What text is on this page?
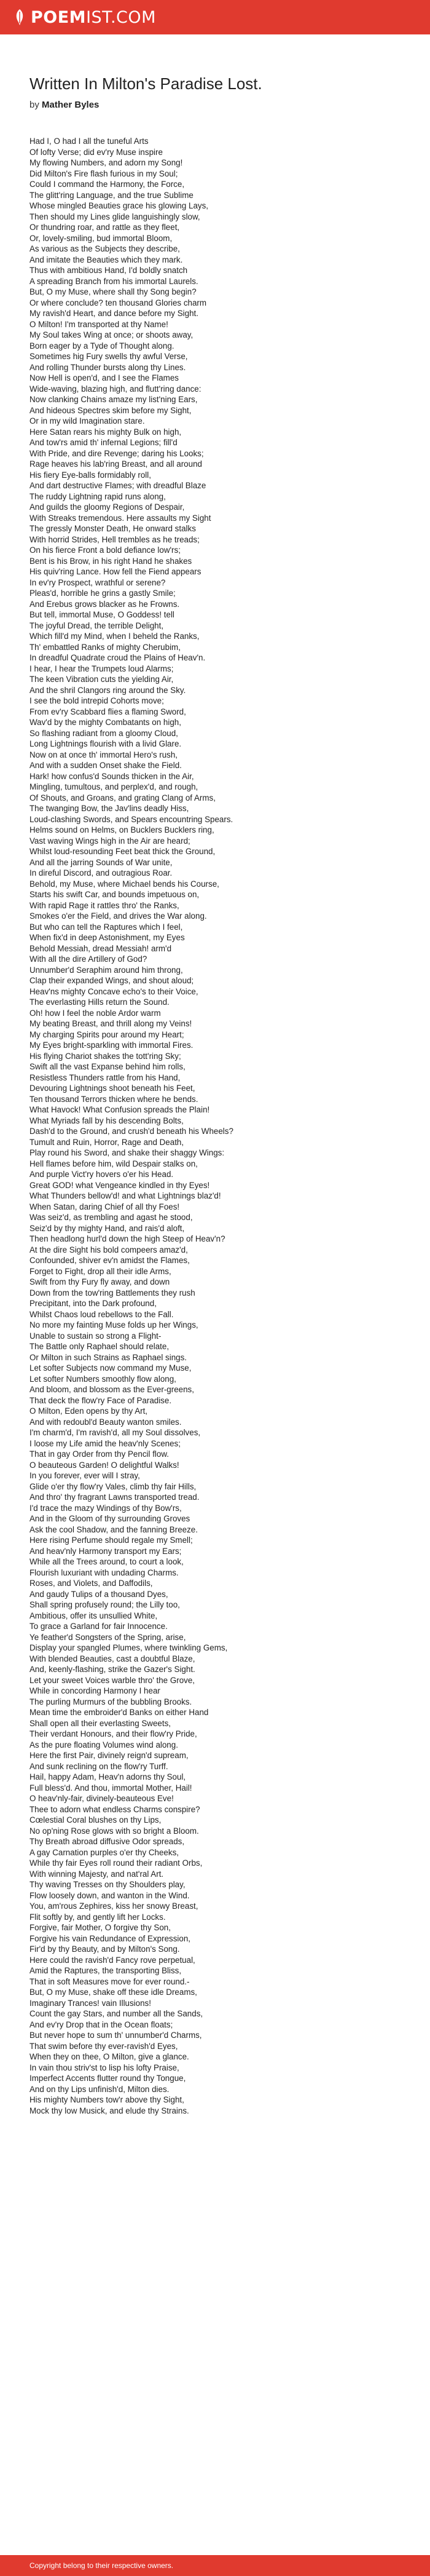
POEM IST.COM
Written In Milton's Paradise Lost.
by Mather Byles
Had I, O had I all the tuneful Arts
Of lofty Verse; did ev'ry Muse inspire
My flowing Numbers, and adorn my Song!
Did Milton's Fire flash furious in my Soul;
Could I command the Harmony, the Force,
The glitt'ring Language, and the true Sublime
Whose mingled Beauties grace his glowing Lays,
Then should my Lines glide languishingly slow,
Or thundring roar, and rattle as they fleet,
Or, lovely-smiling, bud immortal Bloom,
As various as the Subjects they describe,
And imitate the Beauties which they mark.
Thus with ambitious Hand, I'd boldly snatch
A spreading Branch from his immortal Laurels.
But, O my Muse, where shall thy Song begin?
Or where conclude? ten thousand Glories charm
My ravish'd Heart, and dance before my Sight.
O Milton! I'm transported at thy Name!
My Soul takes Wing at once; or shoots away,
Born eager by a Tyde of Thought along.
Sometimes hig Fury swells thy awful Verse,
And rolling Thunder bursts along thy Lines.
Now Hell is open'd, and I see the Flames
Wide-waving, blazing high, and flutt'ring dance:
Now clanking Chains amaze my list'ning Ears,
And hideous Spectres skim before my Sight,
Or in my wild Imagination stare.
Here Satan rears his mighty Bulk on high,
And tow'rs amid th' infernal Legions; fill'd
With Pride, and dire Revenge; daring his Looks;
Rage heaves his lab'ring Breast, and all around
His fiery Eye-balls formidably roll,
And dart destructive Flames; with dreadful Blaze
The ruddy Lightning rapid runs along,
And guilds the gloomy Regions of Despair,
With Streaks tremendous. Here assaults my Sight
The gressly Monster Death, He onward stalks
With horrid Strides, Hell trembles as he treads;
On his fierce Front a bold defiance low'rs;
Bent is his Brow, in his right Hand he shakes
His quiv'ring Lance. How fell the Fiend appears
In ev'ry Prospect, wrathful or serene?
Pleas'd, horrible he grins a gastly Smile;
And Erebus grows blacker as he Frowns.
But tell, immortal Muse, O Goddess! tell
The joyful Dread, the terrible Delight,
Which fill'd my Mind, when I beheld the Ranks,
Th' embattled Ranks of mighty Cherubim,
In dreadful Quadrate croud the Plains of Heav'n.
I hear, I hear the Trumpets loud Alarms;
The keen Vibration cuts the yielding Air,
And the shril Clangors ring around the Sky.
I see the bold intrepid Cohorts move;
From ev'ry Scabbard flies a flaming Sword,
Wav'd by the mighty Combatants on high,
So flashing radiant from a gloomy Cloud,
Long Lightnings flourish with a livid Glare.
Now on at once th' immortal Hero's rush,
And with a sudden Onset shake the Field.
Hark! how confus'd Sounds thicken in the Air,
Mingling, tumultous, and perplex'd, and rough,
Of Shouts, and Groans, and grating Clang of Arms,
The twanging Bow, the Jav'lins deadly Hiss,
Loud-clashing Swords, and Spears encountring Spears.
Helms sound on Helms, on Bucklers Bucklers ring,
Vast waving Wings high in the Air are heard;
Whilst loud-resounding Feet beat thick the Ground,
And all the jarring Sounds of War unite,
In direful Discord, and outragious Roar.
Behold, my Muse, where Michael bends his Course,
Starts his swift Car, and bounds impetuous on,
With rapid Rage it rattles thro' the Ranks,
Smokes o'er the Field, and drives the War along.
But who can tell the Raptures which I feel,
When fix'd in deep Astonishment, my Eyes
Behold Messiah, dread Messiah! arm'd
With all the dire Artillery of God?
Unnumber'd Seraphim around him throng,
Clap their expanded Wings, and shout aloud;
Heav'ns mighty Concave echo's to their Voice,
The everlasting Hills return the Sound.
Oh! how I feel the noble Ardor warm
My beating Breast, and thrill along my Veins!
My charging Spirits pour around my Heart;
My Eyes bright-sparkling with immortal Fires.
His flying Chariot shakes the tott'ring Sky;
Swift all the vast Expanse behind him rolls,
Resistless Thunders rattle from his Hand,
Devouring Lightnings shoot beneath his Feet,
Ten thousand Terrors thicken where he bends.
What Havock! What Confusion spreads the Plain!
What Myriads fall by his descending Bolts,
Dash'd to the Ground, and crush'd beneath his Wheels?
Tumult and Ruin, Horror, Rage and Death,
Play round his Sword, and shake their shaggy Wings:
Hell flames before him, wild Despair stalks on,
And purple Vict'ry hovers o'er his Head.
Great GOD! what Vengeance kindled in thy Eyes!
What Thunders bellow'd! and what Lightnings blaz'd!
When Satan, daring Chief of all thy Foes!
Was seiz'd, as trembling and agast he stood,
Seiz'd by thy mighty Hand, and rais'd aloft,
Then headlong hurl'd down the high Steep of Heav'n?
At the dire Sight his bold compeers amaz'd,
Confounded, shiver ev'n amidst the Flames,
Forget to Fight, drop all their idle Arms,
Swift from thy Fury fly away, and down
Down from the tow'ring Battlements they rush
Precipitant, into the Dark profound,
Whilst Chaos loud rebellows to the Fall.
No more my fainting Muse folds up her Wings,
Unable to sustain so strong a Flight-
The Battle only Raphael should relate,
Or Milton in such Strains as Raphael sings.
Let softer Subjects now command my Muse,
Let softer Numbers smoothly flow along,
And bloom, and blossom as the Ever-greens,
That deck the flow'ry Face of Paradise.
O Milton, Eden opens by thy Art,
And with redoubl'd Beauty wanton smiles.
I'm charm'd, I'm ravish'd, all my Soul dissolves,
I loose my Life amid the heav'nly Scenes;
That in gay Order from thy Pencil flow.
O beauteous Garden! O delightful Walks!
In you forever, ever will I stray,
Glide o'er thy flow'ry Vales, climb thy fair Hills,
And thro' thy fragrant Lawns transported tread.
I'd trace the mazy Windings of thy Bow'rs,
And in the Gloom of thy surrounding Groves
Ask the cool Shadow, and the fanning Breeze.
Here rising Perfume should regale my Smell;
And heav'nly Harmony transport my Ears;
While all the Trees around, to court a look,
Flourish luxuriant with undading Charms.
Roses, and Violets, and Daffodils,
And gaudy Tulips of a thousand Dyes,
Shall spring profusely round; the Lilly too,
Ambitious, offer its unsullied White,
To grace a Garland for fair Innocence.
Ye feather'd Songsters of the Spring, arise,
Display your spangled Plumes, where twinkling Gems,
With blended Beauties, cast a doubtful Blaze,
And, keenly-flashing, strike the Gazer's Sight.
Let your sweet Voices warble thro' the Grove,
While in concording Harmony I hear
The purling Murmurs of the bubbling Brooks.
Mean time the embroider'd Banks on either Hand
Shall open all their everlasting Sweets,
Their verdant Honours, and their flow'ry Pride,
As the pure floating Volumes wind along.
Here the first Pair, divinely reign'd supream,
And sunk reclining on the flow'ry Turff.
Hail, happy Adam, Heav'n adorns thy Soul,
Full bless'd. And thou, immortal Mother, Hail!
O heav'nly-fair, divinely-beauteous Eve!
Thee to adorn what endless Charms conspire?
Cœlestial Coral blushes on thy Lips,
No op'ning Rose glows with so bright a Bloom.
Thy Breath abroad diffusive Odor spreads,
A gay Carnation purples o'er thy Cheeks,
While thy fair Eyes roll round their radiant Orbs,
With winning Majesty, and nat'ral Art.
Thy waving Tresses on thy Shoulders play,
Flow loosely down, and wanton in the Wind.
You, am'rous Zephires, kiss her snowy Breast,
Flit softly by, and gently lift her Locks.
Forgive, fair Mother, O forgive thy Son,
Forgive his vain Redundance of Expression,
Fir'd by thy Beauty, and by Milton's Song.
Here could the ravish'd Fancy rove perpetual,
Amid the Raptures, the transporting Bliss,
That in soft Measures move for ever round.-
But, O my Muse, shake off these idle Dreams,
Imaginary Trances! vain Illusions!
Count the gay Stars, and number all the Sands,
And ev'ry Drop that in the Ocean floats;
But never hope to sum th' unnumber'd Charms,
That swim before thy ever-ravish'd Eyes,
When they on thee, O Milton, give a glance.
In vain thou striv'st to lisp his lofty Praise,
Imperfect Accents flutter round thy Tongue,
And on thy Lips unfinish'd, Milton dies.
His mighty Numbers tow'r above thy Sight,
Mock thy low Musick, and elude thy Strains.
Copyright belong to their respective owners.
